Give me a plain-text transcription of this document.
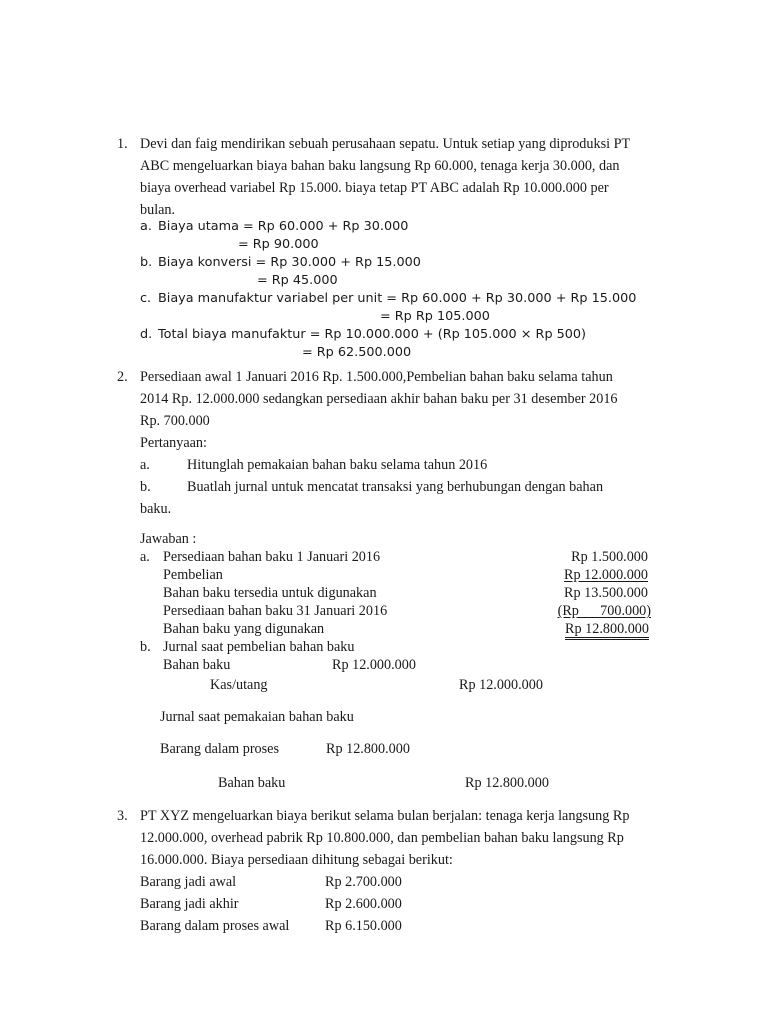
1. Devi dan faig mendirikan sebuah perusahaan sepatu. Untuk setiap yang diproduksi PT
ABC mengeluarkan biaya bahan baku langsung Rp 60.000, tenaga kerja 30.000, dan
biaya overhead variabel Rp 15.000. biaya tetap PT ABC adalah Rp 10.000.000 per
bulan.
a. Biaya utama = Rp 60.000 + Rp 30.000
= Rp 90.000
b. Biaya konversi = Rp 30.000 + Rp 15.000
= Rp 45.000
c. Biaya manufaktur variabel per unit = Rp 60.000 + Rp 30.000 + Rp 15.000
= Rp Rp 105.000
d. Total biaya manufaktur = Rp 10.000.000 + (Rp 105.000 × Rp 500)
= Rp 62.500.000
2. Persediaan awal 1 Januari 2016 Rp. 1.500.000,Pembelian bahan baku selama tahun
2014 Rp. 12.000.000 sedangkan persediaan akhir bahan baku per 31 desember 2016
Rp. 700.000
Pertanyaan:
a.	Hitunglah pemakaian bahan baku selama tahun 2016
b.	Buatlah jurnal untuk mencatat transaksi yang berhubungan dengan bahan
baku.
Jawaban :
a. Persediaan bahan baku 1 Januari 2016	Rp 1.500.000
Pembelian	Rp 12.000.000
Bahan baku tersedia untuk digunakan	Rp 13.500.000
Persediaan bahan baku 31 Januari 2016	(Rp      700.000)
Bahan baku yang digunakan	Rp 12.800.000
b. Jurnal saat pembelian bahan baku
Bahan baku	Rp 12.000.000
Kas/utang	Rp 12.000.000
Jurnal saat pemakaian bahan baku
Barang dalam proses	Rp 12.800.000
Bahan baku	Rp 12.800.000
3. PT XYZ mengeluarkan biaya berikut selama bulan berjalan: tenaga kerja langsung Rp
12.000.000, overhead pabrik Rp 10.800.000, dan pembelian bahan baku langsung Rp
16.000.000. Biaya persediaan dihitung sebagai berikut:
Barang jadi awal	Rp 2.700.000
Barang jadi akhir	Rp 2.600.000
Barang dalam proses awal	Rp 6.150.000
